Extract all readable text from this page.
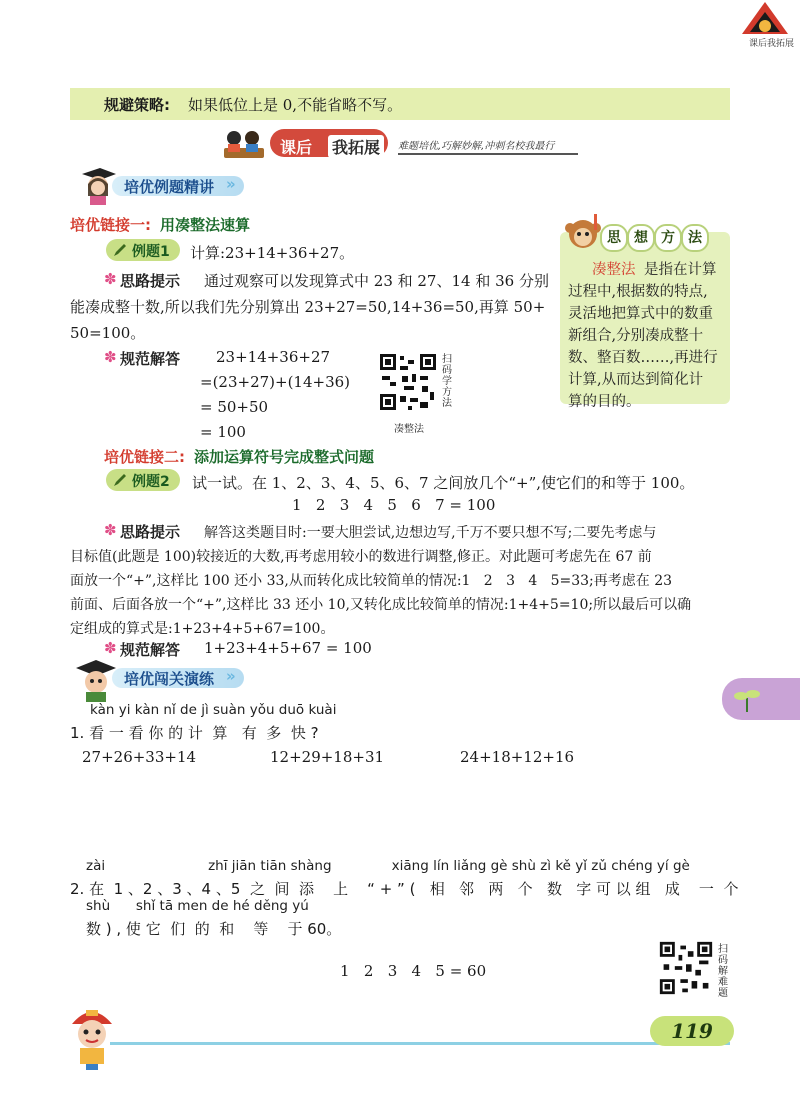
课后我拓展
规避策略: 如果低位上是 0,不能省略不写。
课后 我拓展	难题培优,巧解妙解,冲刺名校我最行
培优例题精讲 »
培优链接一: 用凑整法速算
例题1 计算:23+14+36+27。
✽ 思路提示 通过观察可以发现算式中 23 和 27、14 和 36 分别
能凑成整十数,所以我们先分别算出 23+27=50,14+36=50,再算 50+
50=100。
✽ 规范解答 23+14+36+27
=(23+27)+(14+36)
= 50+50
= 100
扫码学方法
凑整法
思 想 方 法
凑整法 是指在计算
过程中,根据数的特点,
灵活地把算式中的数重
新组合,分别凑成整十
数、整百数……,再进行
计算,从而达到简化计
算的目的。
培优链接二: 添加运算符号完成整式问题
例题2 试一试。在 1、2、3、4、5、6、7 之间放几个“+”,使它们的和等于 100。
1   2   3   4   5   6   7 = 100
✽ 思路提示 解答这类题目时:一要大胆尝试,边想边写,千万不要只想不写;二要先考虑与
目标值(此题是 100)较接近的大数,再考虑用较小的数进行调整,修正。对此题可考虑先在 67 前
面放一个“+”,这样比 100 还小 33,从而转化成比较简单的情况:1   2   3   4   5=33;再考虑在 23
前面、后面各放一个“+”,这样比 33 还小 10,又转化成比较简单的情况:1+4+5=10;所以最后可以确
定组成的算式是:1+23+4+5+67=100。
✽ 规范解答 1+23+4+5+67 = 100
培优闯关演练 »
kàn yi kàn nǐ de jì suàn yǒu duō kuài
1. 看 一 看 你 的 计  算   有  多  快 ?
27+26+33+14	12+29+18+31	24+18+12+16
zài                        zhī jiān tiān shàng              xiāng lín liǎng gè shù zì kě yǐ zǔ chéng yí gè
2. 在  1 、2 、3 、4 、5  之  间  添    上    “ + ” (   相   邻   两   个   数   字 可 以 组   成    一  个
shù      shǐ tā men de hé děng yú
数 ) , 使 它  们  的  和    等    于 60。
1   2   3   4   5 = 60
扫码解难题
119
